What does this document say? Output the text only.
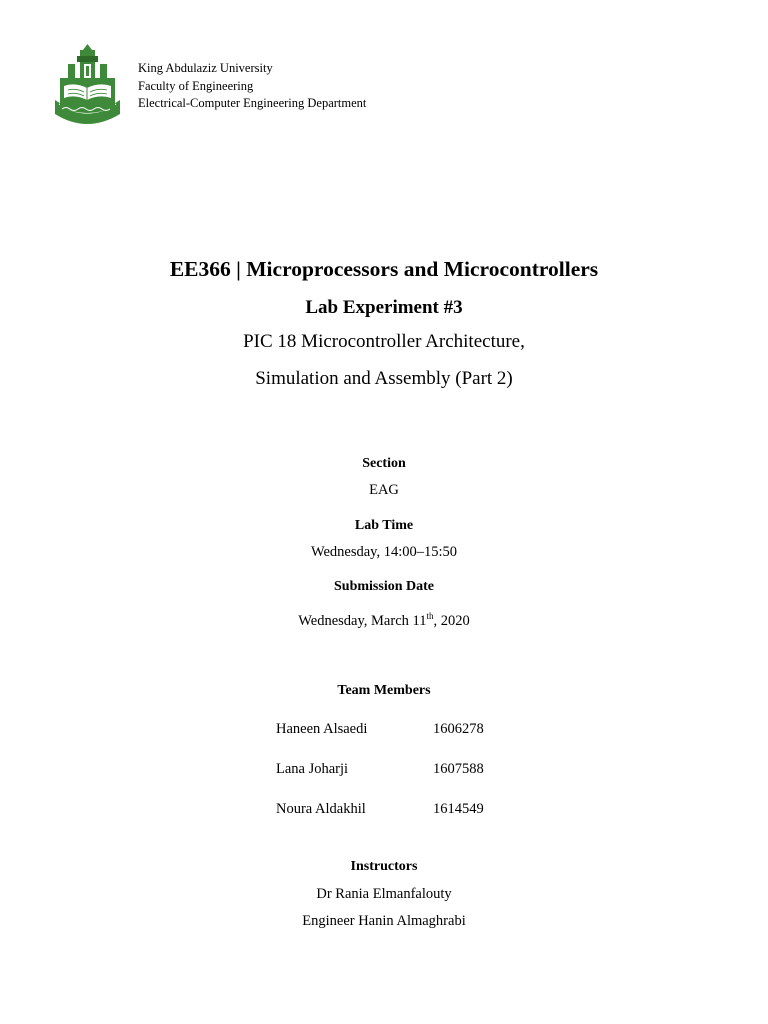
King Abdulaziz University
Faculty of Engineering
Electrical-Computer Engineering Department
EE366 | Microprocessors and Microcontrollers
Lab Experiment #3
PIC 18 Microcontroller Architecture,
Simulation and Assembly (Part 2)
Section
EAG
Lab Time
Wednesday, 14:00–15:50
Submission Date
Wednesday, March 11th, 2020
Team Members
Haneen Alsaedi	1606278
Lana Joharji	1607588
Noura Aldakhil	1614549
Instructors
Dr Rania Elmanfalouty
Engineer Hanin Almaghrabi
